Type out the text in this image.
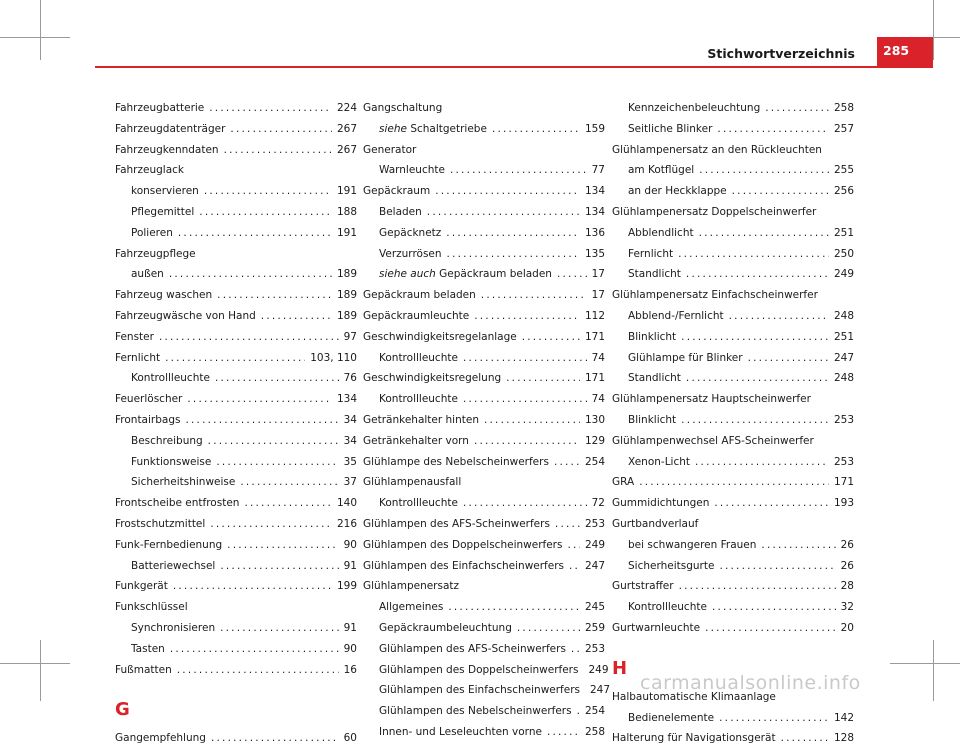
Stichwortverzeichnis	285
Fahrzeugbatterie .....	224
Fahrzeugdatenträger .....	267
Fahrzeugkenndaten .....	267
Fahrzeuglack
konservieren .....	191
Pflegemittel .....	188
Polieren .....	191
Fahrzeugpflege
außen .....	189
Fahrzeug waschen .....	189
Fahrzeugwäsche von Hand .....	189
Fenster .....	97
Fernlicht .....	103, 110
Kontrollleuchte .....	76
Feuerlöscher .....	134
Frontairbags .....	34
Beschreibung .....	34
Funktionsweise .....	35
Sicherheitshinweise .....	37
Frontscheibe entfrosten .....	140
Frostschutzmittel .....	216
Funk-Fernbedienung .....	90
Batteriewechsel .....	91
Funkgerät .....	199
Funkschlüssel
Synchronisieren .....	91
Tasten .....	90
Fußmatten .....	16
G
Gangempfehlung .....	60
Gangschaltung
siehe Schaltgetriebe .....	159
Generator
Warnleuchte .....	77
Gepäckraum .....	134
Beladen .....	134
Gepäcknetz .....	136
Verzurrösen .....	135
siehe auch Gepäckraum beladen .....	17
Gepäckraum beladen .....	17
Gepäckraumleuchte .....	112
Geschwindigkeitsregelanlage .....	171
Kontrollleuchte .....	74
Geschwindigkeitsregelung .....	171
Kontrollleuchte .....	74
Getränkehalter hinten .....	130
Getränkehalter vorn .....	129
Glühlampe des Nebelscheinwerfers .....	254
Glühlampenausfall
Kontrollleuchte .....	72
Glühlampen des AFS-Scheinwerfers .....	253
Glühlampen des Doppelscheinwerfers ..... 249
Glühlampen des Einfachscheinwerfers ..... 247
Glühlampenersatz
Allgemeines .....	245
Gepäckraumbeleuchtung .....	259
Glühlampen des AFS-Scheinwerfers ..... 253
Glühlampen des Doppelscheinwerfers 249
Glühlampen des Einfachscheinwerfers 247
Glühlampen des Nebelscheinwerfers ..... 254
Innen- und Leseleuchten vorne .....	258
Kennzeichenbeleuchtung .....	258
Seitliche Blinker .....	257
Glühlampenersatz an den Rückleuchten
am Kotflügel .....	255
an der Heckklappe .....	256
Glühlampenersatz Doppelscheinwerfer
Abblendlicht .....	251
Fernlicht .....	250
Standlicht .....	249
Glühlampenersatz Einfachscheinwerfer
Abblend-/Fernlicht .....	248
Blinklicht .....	251
Glühlampe für Blinker .....	247
Standlicht .....	248
Glühlampenersatz Hauptscheinwerfer
Blinklicht .....	253
Glühlampenwechsel AFS-Scheinwerfer
Xenon-Licht .....	253
GRA .....	171
Gummidichtungen .....	193
Gurtbandverlauf
bei schwangeren Frauen .....	26
Sicherheitsgurte .....	26
Gurtstraffer .....	28
Kontrollleuchte .....	32
Gurtwarnleuchte .....	20
H
Halbautomatische Klimaanlage
Bedienelemente .....	142
Halterung für Navigationsgerät .....	128
carmanualsonline.info
